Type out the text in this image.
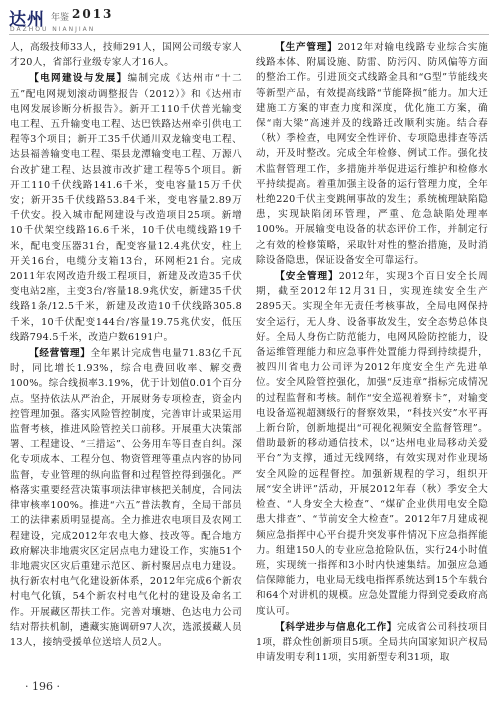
达州 年鉴 2013
DAZHOU NIANJIAN

人，高级技师33人，技师291人，国网公司级专家人才20人，省部行业级专家人才16人。

【电网建设与发展】编制完成《达州市“十二五”配电网规划滚动调整报告（2012）》和《达州市电网发展诊断分析报告》。新开工110千伏普光输变电工程、五升输变电工程、达巴铁路达州牵引供电工程等3个项目；新开工35千伏通川双龙输变电工程、达县福善输变电工程、渠县龙潭输变电工程、万源八台改扩建工程、达县渡市改扩建工程等5个项目。新开工110千伏线路141.6千米，变电容量15万千伏安；新开35千伏线路53.84千米，变电容量2.89万千伏安。投入城市配网建设与改造项目25项。新增10千伏架空线路16.6千米，10千伏电缆线路19千米，配电变压器31台，配变容量12.4兆伏安，柱上开关16台，电缆分支箱13台，环网柜21台。完成2011年农网改造升级工程项目，新建及改造35千伏变电站2座，主变3台/容量18.9兆伏安，新建35千伏线路1条/12.5千米，新建及改造10千伏线路305.8千米，10千伏配变144台/容量19.75兆伏安，低压线路794.5千米，改造户数6191户。

【经营管理】全年累计完成售电量71.83亿千瓦时，同比增长1.93%，综合电费回收率、解交费100%。综合线损率3.19%，优于计划值0.01个百分点。坚持依法从严治企，开展财务专项检查，资金内控管理加强。落实风险管控制度，完善审计或果运用监督考核，推进风险管控关口前移。开展重大决策部署、工程建设、“三措运”、公务用车等目查自纠。深化专项成本、工程分包、物资管理等重点内容的协同监督，专业管理的纵向监督和过程管控得到强化。严格落实重要经营决策事项法律审核把关制度，合同法律审核率100%。推进“六五”普法教育，全局干部员工的法律素质明显提高。全力推进农电项目及农网工程建设，完成2012年农电大修、技改等。配合地方政府解决非地震灾区定居点电力建设工作，实施51个非地震灾区灾后重建示范区、新村聚居点电力建设。执行新农村电气化建设新体系，2012年完成6个新农村电气化镇，54个新农村电气化村的建设及命名工作。开展藏区帮扶工作。完善对壤塘、色达电力公司结对帮扶机制，遴藏实施调研97人次，选派援藏人员13人，接纳受援单位送培人员2人。

【生产管理】2012年对输电线路专业综合实施线路本体、附属设施、防雷、防污闪、防风偏等方面的整治工作。引进顶交式线路金具和“G型”节能线夹等新型产品，有效提高线路“节能降损”能力。加大迁建施工方案的审查力度和深度，优化施工方案，确保“南大梁”高速并及的线路迁改顺利实施。结合春（秋）季检查，电网安全性评价、专项隐患排查等活动，开及时整改。完成全年检修、例试工作。强化技术监督管理工作，多措施并举促进运行维护和检修水平持续提高。着重加强主设备的运行管理力度，全年杜绝220千伏主变跳闸事故的发生；系统梳理缺陷隐患，实现缺陷闭环管理，严重、危急缺陷处理率100%。开展输变电设备的状态评价工作，并制定行之有效的检修策略，采取针对性的整治措施，及时消除设备隐患，保证设备安全可靠运行。

【安全管理】2012年，实现3个百日安全长周期，截至2012年12月31日，实现连续安全生产2895天。实现全年无责任考核事故，全局电网保持安全运行，无人身、设备事故发生，安全态势总体良好。全局人身伤亡防范能力，电网风险防控能力，设备运维管理能力和应急事件处置能力得到持续提升，被四川省电力公司评为2012年度安全生产先进单位。安全风险管控强化，加强“反违章”指标完成情况的过程监督和考核。制作“安全巡视着察卡”，对输变电设备巡视超测级行的督察效果，“科技兴安”水平再上新台阶，创新地提出“可视化视频安全监督管理”。借助最新的移动通信技术，以“达州电业局移动关爱平台”为支撑，通过无线网络，有效实现对作业现场安全风险的远程督控。加强新规程的学习，组织开展“安全讲评”活动，开展2012年春（秋）季安全大检查、“人身安全大检查”、“煤矿企业供用电安全隐患大排查”、“节前安全大检查”。2012年7月建成视频应急指挥中心平台提升突发事件情况下应急指挥能力。组建150人的专业应急抢险队伍，实行24小时值班，实现统一指挥和3小时内快速集结。加强应急通信保障能力，电业局无线电指挥系统达到15个车载台和64个对讲机的规模。应急处置能力得到党委政府高度认可。

【科学进步与信息化工作】完成省公司科技项目1项，群众性创新项目5项。全局共向国家知识产权局申请发明专利11项，实用新型专利31项，取

· 196 ·
